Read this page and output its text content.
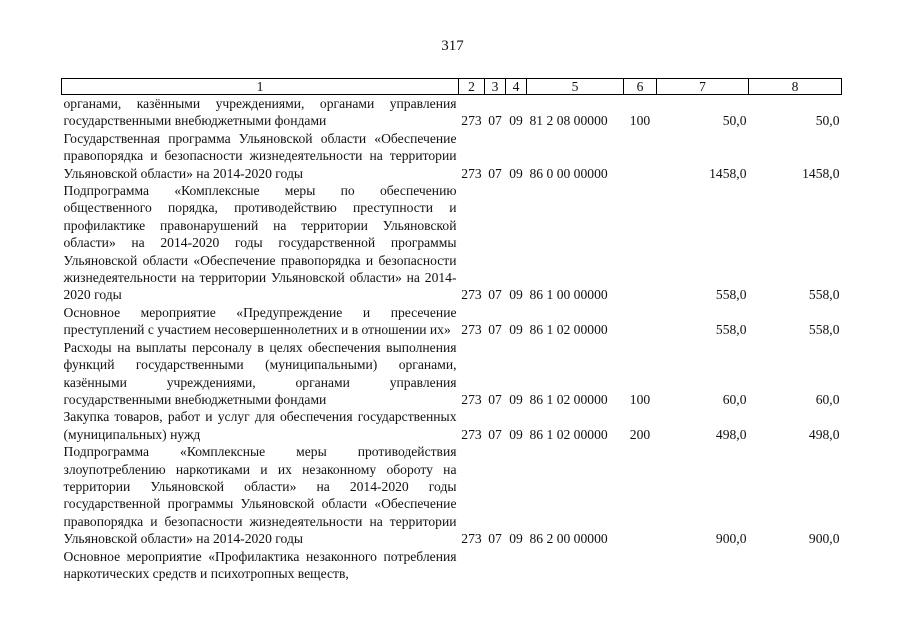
317
1	2	3	4	5	6	7	8
органами, казёнными учреждениями, органами управления государственными внебюджетными фондами	273	07	09	81 2 08 00000	100	50,0	50,0
Государственная программа Ульяновской области «Обеспечение правопорядка и безопасности жизнедеятельности на территории Ульяновской области» на 2014-2020 годы	273	07	09	86 0 00 00000		1458,0	1458,0
Подпрограмма «Комплексные меры по обеспечению общественного порядка, противодействию преступности и профилактике правонарушений на территории Ульяновской области» на 2014-2020 годы государственной программы Ульяновской области «Обеспечение правопорядка и безопасности жизнедеятельности на территории Ульяновской области» на 2014-2020 годы	273	07	09	86 1 00 00000		558,0	558,0
Основное мероприятие «Предупреждение и пресечение преступлений с участием несовершеннолетних и в отношении их»	273	07	09	86 1 02 00000		558,0	558,0
Расходы на выплаты персоналу в целях обеспечения выполнения функций государственными (муниципальными) органами, казёнными учреждениями, органами управления государственными внебюджетными фондами	273	07	09	86 1 02 00000	100	60,0	60,0
Закупка товаров, работ и услуг для обеспечения государственных (муниципальных) нужд	273	07	09	86 1 02 00000	200	498,0	498,0
Подпрограмма «Комплексные меры противодействия злоупотреблению наркотиками и их незаконному обороту на территории Ульяновской области» на 2014-2020 годы государственной программы Ульяновской области «Обеспечение правопорядка и безопасности жизнедеятельности на территории Ульяновской области» на 2014-2020 годы	273	07	09	86 2 00 00000		900,0	900,0
Основное мероприятие «Профилактика незаконного потребления наркотических средств и психотропных веществ,							
